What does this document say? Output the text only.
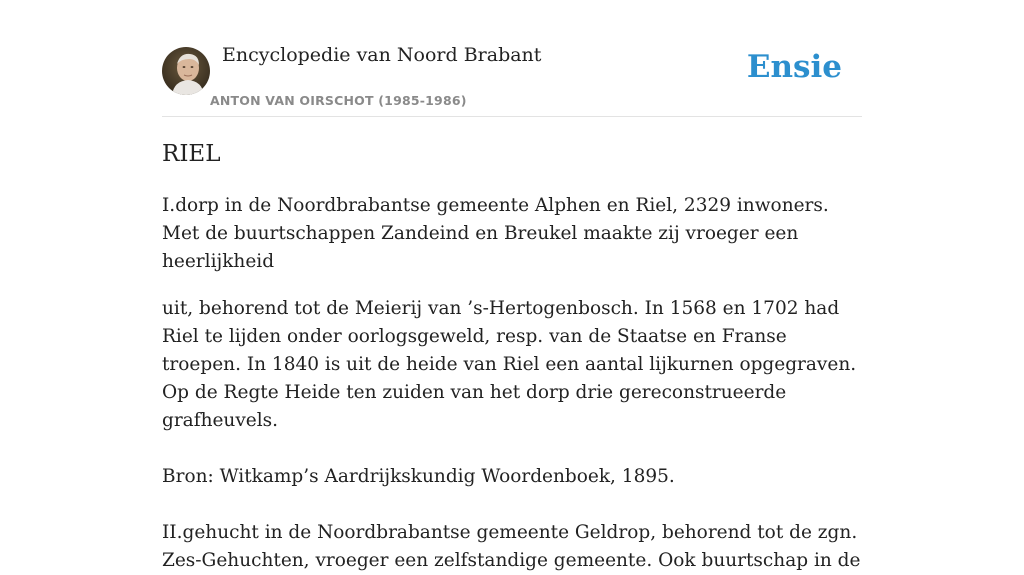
Encyclopedie van Noord Brabant
ANTON VAN OIRSCHOT (1985-1986)
Ensie
RIEL

I.dorp in de Noordbrabantse gemeente Alphen en Riel, 2329 inwoners. Met de buurtschappen Zandeind en Breukel maakte zij vroeger een heerlijkheid

uit, behorend tot de Meierij van ’s-Hertogenbosch. In 1568 en 1702 had Riel te lijden onder oorlogsgeweld, resp. van de Staatse en Franse troepen. In 1840 is uit de heide van Riel een aantal lijkurnen opgegraven. Op de Regte Heide ten zuiden van het dorp drie gereconstrueerde grafheuvels.

Bron: Witkamp’s Aardrijkskundig Woordenboek, 1895.

II.gehucht in de Noordbrabantse gemeente Geldrop, behorend tot de zgn. Zes-Gehuchten, vroeger een zelfstandige gemeente. Ook buurtschap in de
